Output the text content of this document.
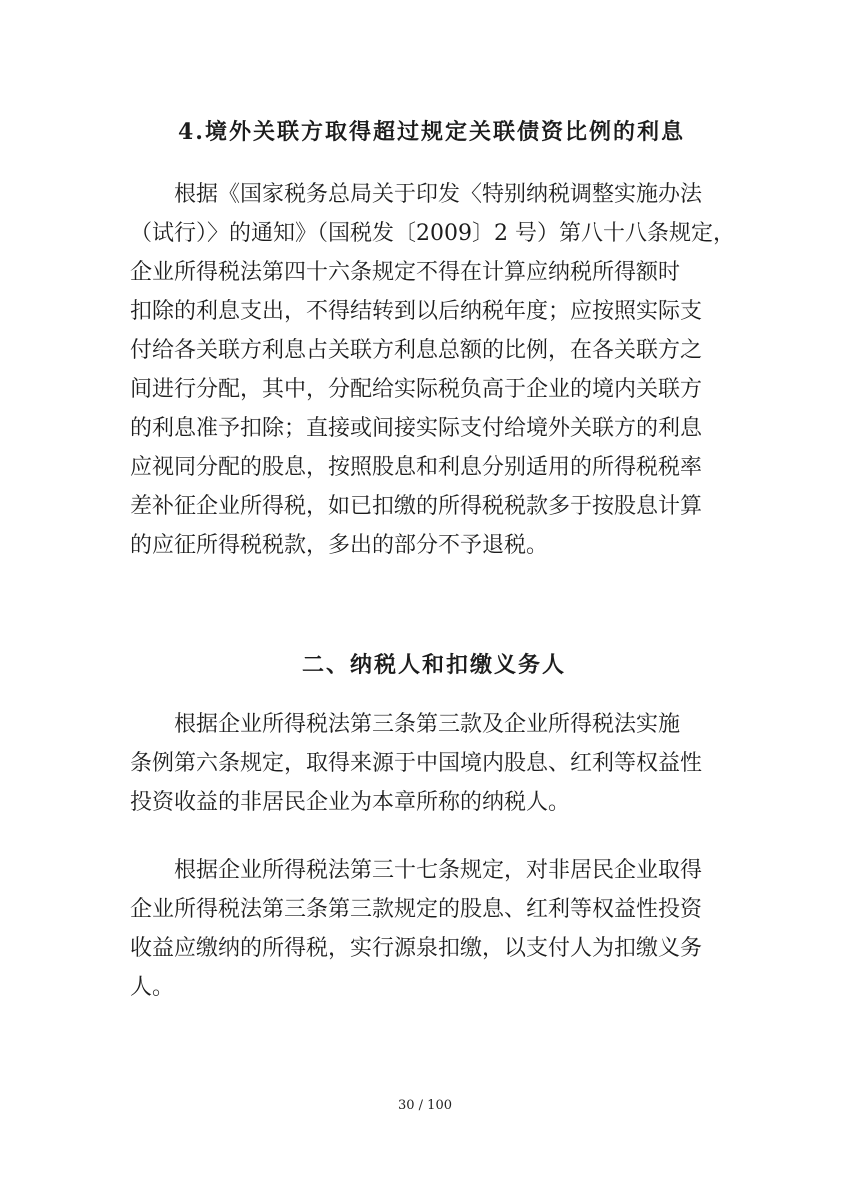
4.境外关联方取得超过规定关联债资比例的利息
　　根据《国家税务总局关于印发〈特别纳税调整实施办法
（试行）〉的通知》（国税发〔2009〕2 号）第八十八条规定，
企业所得税法第四十六条规定不得在计算应纳税所得额时
扣除的利息支出，不得结转到以后纳税年度；应按照实际支
付给各关联方利息占关联方利息总额的比例，在各关联方之
间进行分配，其中，分配给实际税负高于企业的境内关联方
的利息准予扣除；直接或间接实际支付给境外关联方的利息
应视同分配的股息，按照股息和利息分别适用的所得税税率
差补征企业所得税，如已扣缴的所得税税款多于按股息计算
的应征所得税税款，多出的部分不予退税。
二、纳税人和扣缴义务人
　　根据企业所得税法第三条第三款及企业所得税法实施
条例第六条规定，取得来源于中国境内股息、红利等权益性
投资收益的非居民企业为本章所称的纳税人。
　　根据企业所得税法第三十七条规定，对非居民企业取得
企业所得税法第三条第三款规定的股息、红利等权益性投资
收益应缴纳的所得税，实行源泉扣缴，以支付人为扣缴义务
人。
30 / 100
